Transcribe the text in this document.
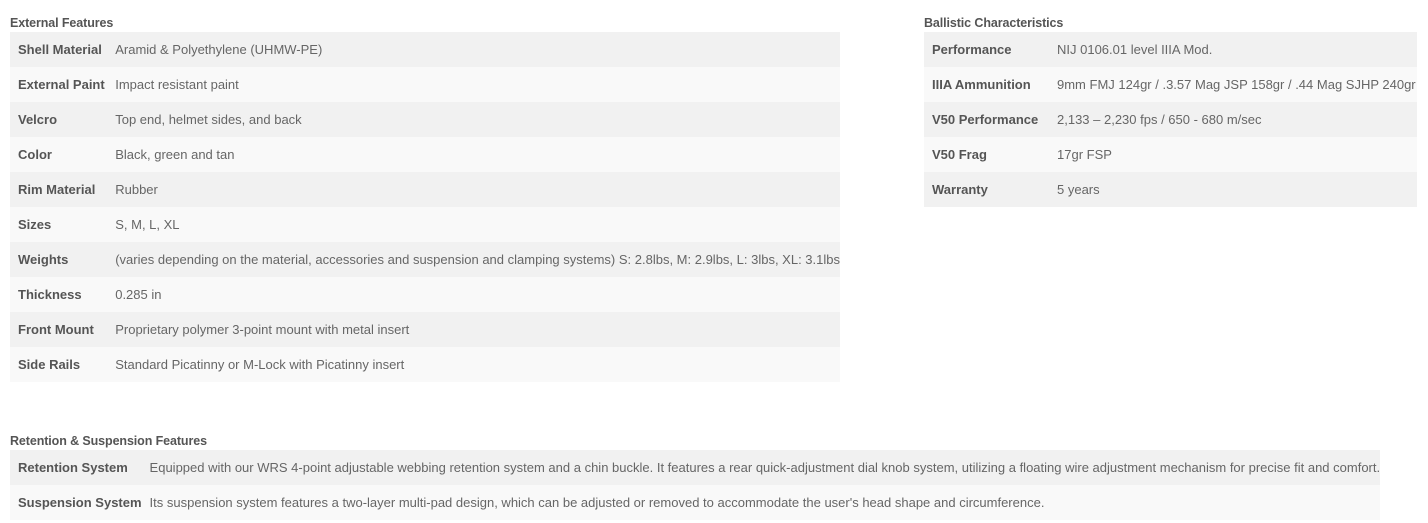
External Features
Shell Material	Aramid & Polyethylene (UHMW-PE)
External Paint	Impact resistant paint
Velcro	Top end, helmet sides, and back
Color	Black, green and tan
Rim Material	Rubber
Sizes	S, M, L, XL
Weights	(varies depending on the material, accessories and suspension and clamping systems) S: 2.8lbs, M: 2.9lbs, L: 3lbs, XL: 3.1lbs
Thickness	0.285 in
Front Mount	Proprietary polymer 3-point mount with metal insert
Side Rails	Standard Picatinny or M-Lock with Picatinny insert
Ballistic Characteristics
Performance	NIJ 0106.01 level IIIA Mod.
IIIA Ammunition	9mm FMJ 124gr / .3.57 Mag JSP 158gr / .44 Mag SJHP 240gr
V50 Performance	2,133 – 2,230 fps / 650 - 680 m/sec
V50 Frag	17gr FSP
Warranty	5 years
Retention & Suspension Features
Retention System	Equipped with our WRS 4-point adjustable webbing retention system and a chin buckle. It features a rear quick-adjustment dial knob system, utilizing a floating wire adjustment mechanism for precise fit and comfort.
Suspension System	Its suspension system features a two-layer multi-pad design, which can be adjusted or removed to accommodate the user's head shape and circumference.
